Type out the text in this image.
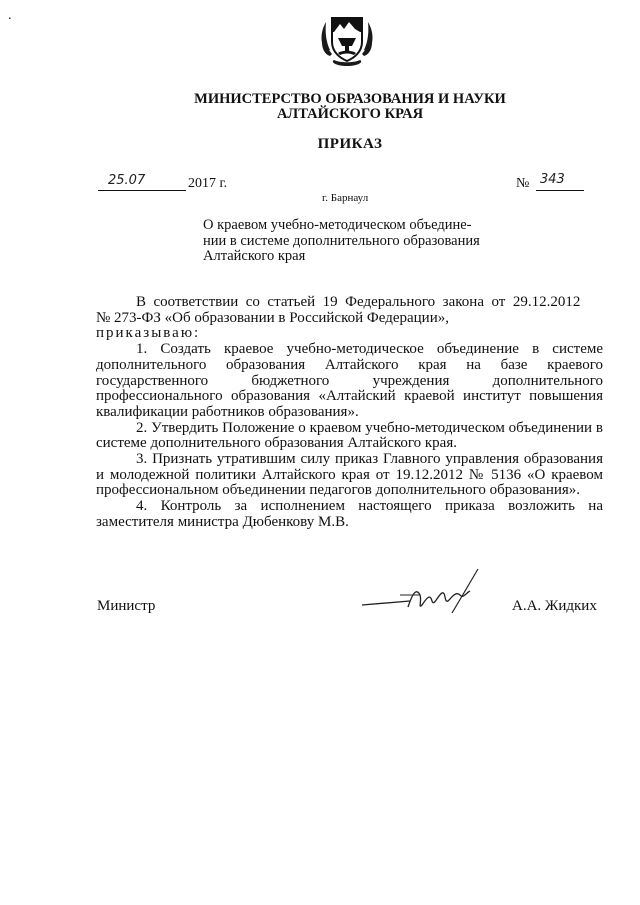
.
МИНИСТЕРСТВО ОБРАЗОВАНИЯ И НАУКИ
АЛТАЙСКОГО КРАЯ
ПРИКАЗ
25.07	2017 г.	№ 343
г. Барнаул
О краевом учебно-методическом объедине-
нии в системе дополнительного образования
Алтайского края

В  соответствии  со  статьей  19  Федерального  закона  от  29.12.2012

№ 273-ФЗ «Об образовании в Российской Федерации»,

приказываю:

1. Создать краевое учебно-методическое объединение в системе дополнительного образования Алтайского края на базе краевого государственного бюджетного учреждения дополнительного профессионального образования «Алтайский краевой институт повышения квалификации работников образования».

2. Утвердить Положение о краевом учебно-методическом объединении в системе дополнительного образования Алтайского края.

3. Признать утратившим силу приказ Главного управления образования и молодежной политики Алтайского края от 19.12.2012 № 5136 «О краевом профессиональном объединении педагогов дополнительного образования».

4. Контроль за исполнением настоящего приказа возложить на заместителя министра Дюбенкову М.В.

Министр	А.А. Жидких
